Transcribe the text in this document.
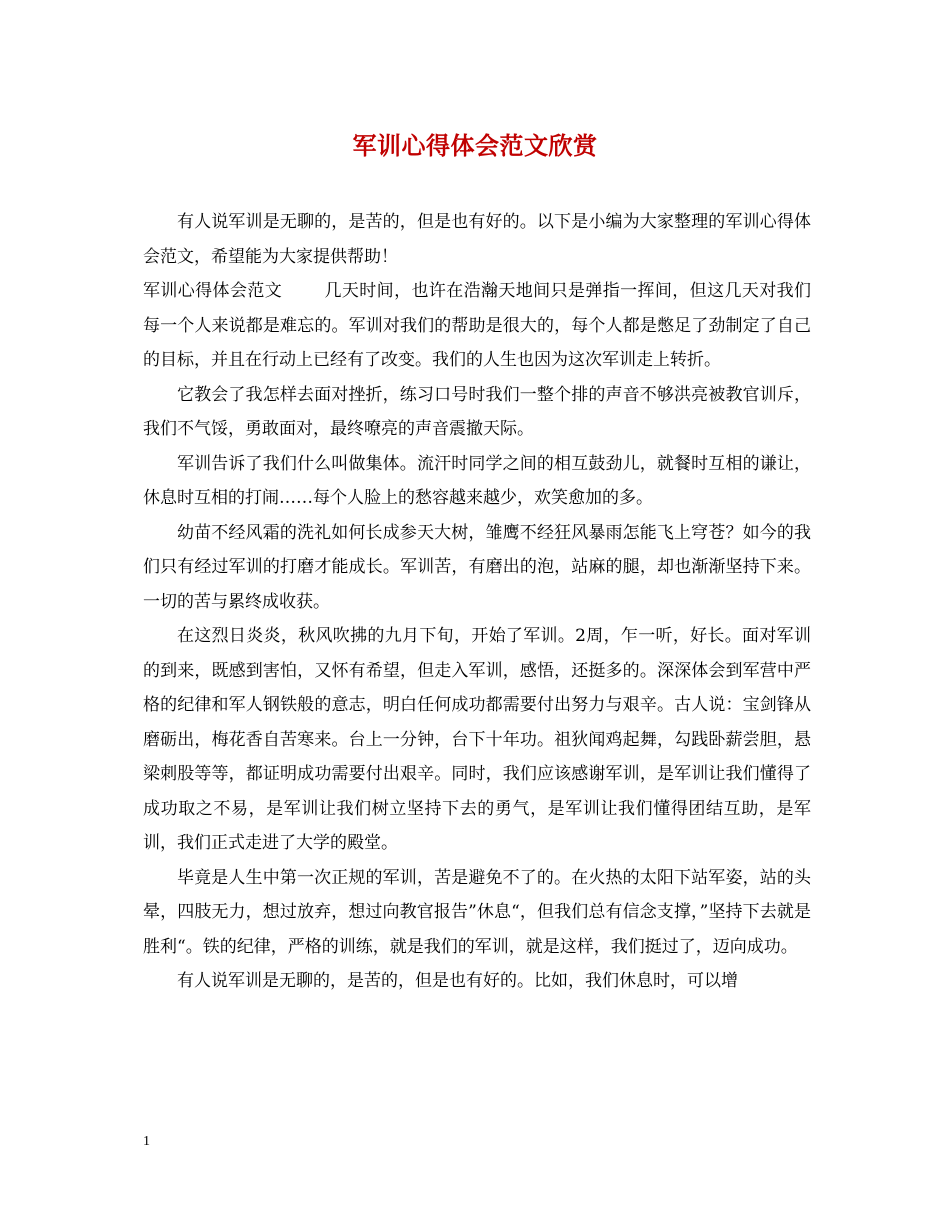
军训心得体会范文欣赏

有人说军训是无聊的，是苦的，但是也有好的。以下是小编为大家整理的军训心得体会范文，希望能为大家提供帮助！

军训心得体会范文 几天时间，也许在浩瀚天地间只是弹指一挥间，但这几天对我们每一个人来说都是难忘的。军训对我们的帮助是很大的，每个人都是憋足了劲制定了自己的目标，并且在行动上已经有了改变。我们的人生也因为这次军训走上转折。

它教会了我怎样去面对挫折，练习口号时我们一整个排的声音不够洪亮被教官训斥，我们不气馁，勇敢面对，最终嘹亮的声音震撤天际。

军训告诉了我们什么叫做集体。流汗时同学之间的相互鼓劲儿，就餐时互相的谦让，休息时互相的打闹……每个人脸上的愁容越来越少，欢笑愈加的多。

幼苗不经风霜的洗礼如何长成参天大树，雏鹰不经狂风暴雨怎能飞上穹苍？如今的我们只有经过军训的打磨才能成长。军训苦，有磨出的泡，站麻的腿，却也渐渐坚持下来。一切的苦与累终成收获。

在这烈日炎炎，秋风吹拂的九月下旬，开始了军训。2周，乍一听，好长。面对军训的到来，既感到害怕，又怀有希望，但走入军训，感悟，还挺多的。深深体会到军营中严格的纪律和军人钢铁般的意志，明白任何成功都需要付出努力与艰辛。古人说：宝剑锋从磨砺出，梅花香自苦寒来。台上一分钟，台下十年功。祖狄闻鸡起舞，勾践卧薪尝胆，悬梁刺股等等，都证明成功需要付出艰辛。同时，我们应该感谢军训，是军训让我们懂得了成功取之不易，是军训让我们树立坚持下去的勇气，是军训让我们懂得团结互助，是军训，我们正式走进了大学的殿堂。

毕竟是人生中第一次正规的军训，苦是避免不了的。在火热的太阳下站军姿，站的头晕，四肢无力，想过放弃，想过向教官报告”休息“，但我们总有信念支撑，”坚持下去就是胜利“。铁的纪律，严格的训练，就是我们的军训，就是这样，我们挺过了，迈向成功。

有人说军训是无聊的，是苦的，但是也有好的。比如，我们休息时，可以增

1
